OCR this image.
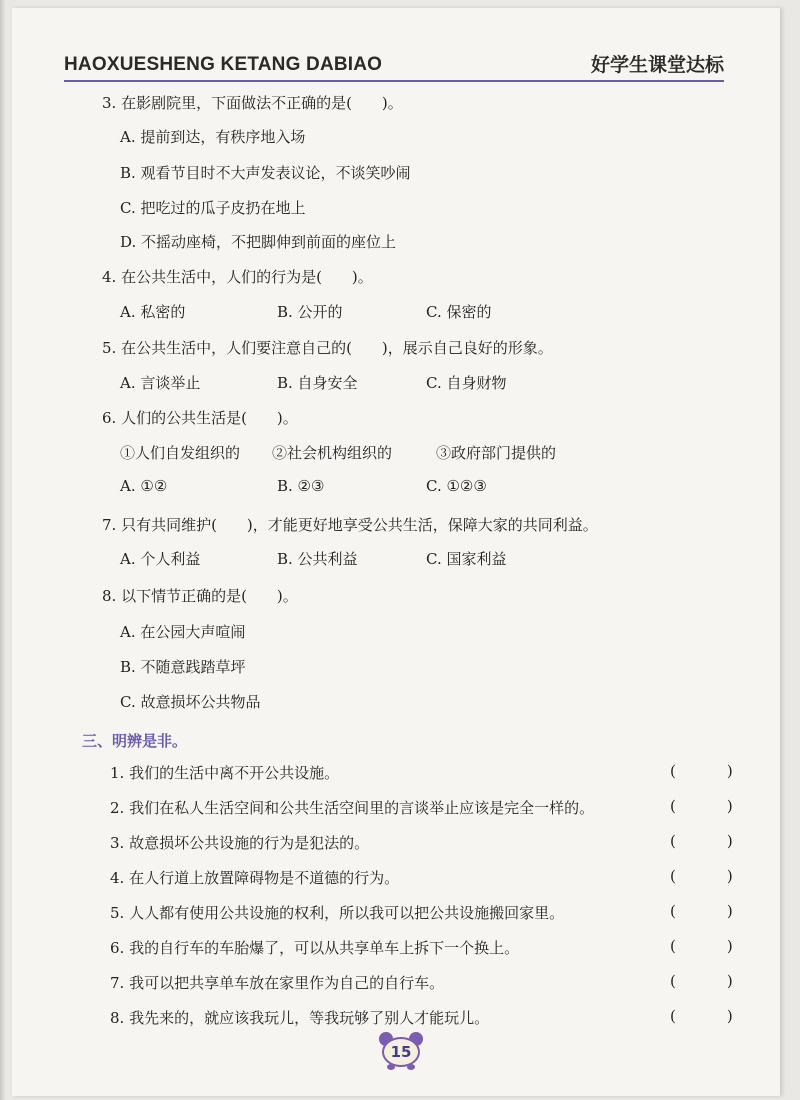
HAOXUESHENG KETANG DABIAO	好学生课堂达标
3. 在影剧院里，下面做法不正确的是(　　)。
A. 提前到达，有秩序地入场
B. 观看节目时不大声发表议论，不谈笑吵闹
C. 把吃过的瓜子皮扔在地上
D. 不摇动座椅，不把脚伸到前面的座位上
4. 在公共生活中，人们的行为是(　　)。
A. 私密的	B. 公开的	C. 保密的
5. 在公共生活中，人们要注意自己的(　　)，展示自己良好的形象。
A. 言谈举止	B. 自身安全	C. 自身财物
6. 人们的公共生活是(　　)。
①人们自发组织的 ②社会机构组织的	③政府部门提供的
A. ①②	B. ②③	C. ①②③
7. 只有共同维护(　　)，才能更好地享受公共生活，保障大家的共同利益。
A. 个人利益	B. 公共利益	C. 国家利益
8. 以下情节正确的是(　　)。
A. 在公园大声喧闹
B. 不随意践踏草坪
C. 故意损坏公共物品
三、明辨是非。
1. 我们的生活中离不开公共设施。	(　)
2. 我们在私人生活空间和公共生活空间里的言谈举止应该是完全一样的。	(　)
3. 故意损坏公共设施的行为是犯法的。	(　)
4. 在人行道上放置障碍物是不道德的行为。	(　)
5. 人人都有使用公共设施的权利，所以我可以把公共设施搬回家里。	(　)
6. 我的自行车的车胎爆了，可以从共享单车上拆下一个换上。	(　)
7. 我可以把共享单车放在家里作为自己的自行车。	(　)
8. 我先来的，就应该我玩儿，等我玩够了别人才能玩儿。	(　)
15
